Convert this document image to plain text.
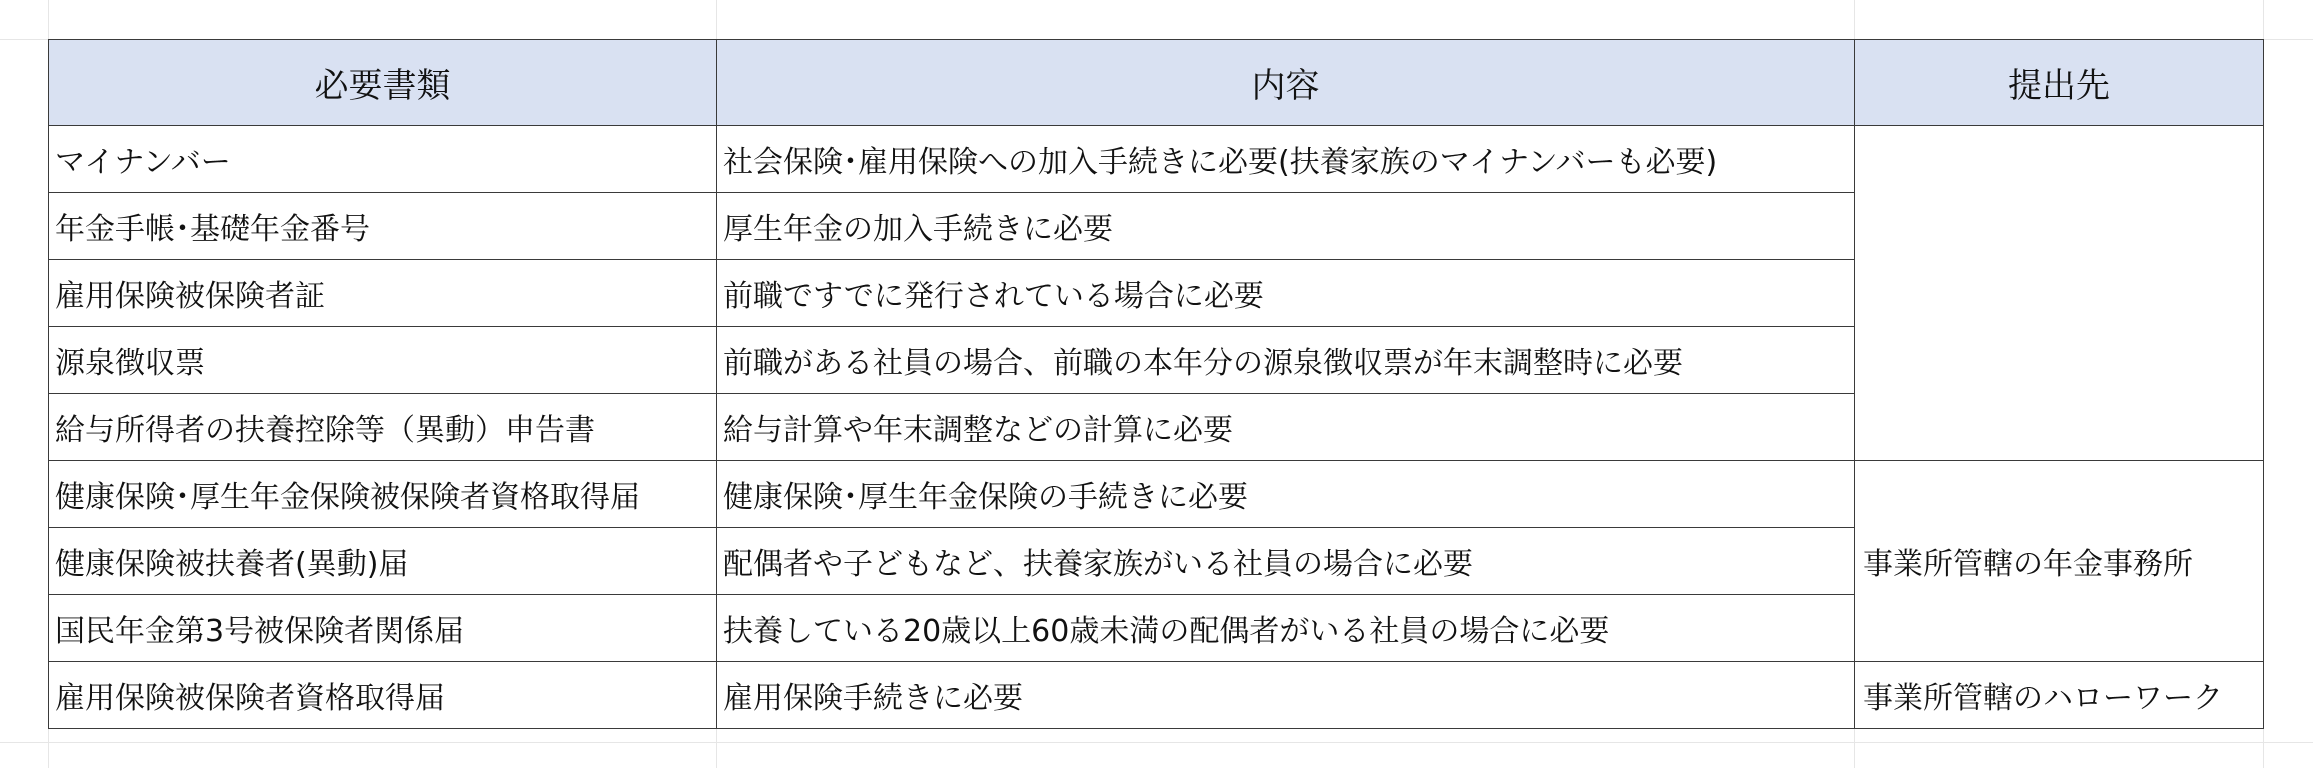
必要書類	内容	提出先
マイナンバー	社会保険･雇用保険への加入手続きに必要(扶養家族のマイナンバーも必要)	
年金手帳･基礎年金番号	厚生年金の加入手続きに必要	
雇用保険被保険者証	前職ですでに発行されている場合に必要	
源泉徴収票	前職がある社員の場合、前職の本年分の源泉徴収票が年末調整時に必要	
給与所得者の扶養控除等（異動）申告書	給与計算や年末調整などの計算に必要	
健康保険･厚生年金保険被保険者資格取得届	健康保険･厚生年金保険の手続きに必要	事業所管轄の年金事務所
健康保険被扶養者(異動)届	配偶者や子どもなど、扶養家族がいる社員の場合に必要	
国民年金第3号被保険者関係届	扶養している20歳以上60歳未満の配偶者がいる社員の場合に必要	
雇用保険被保険者資格取得届	雇用保険手続きに必要	事業所管轄のハローワーク
